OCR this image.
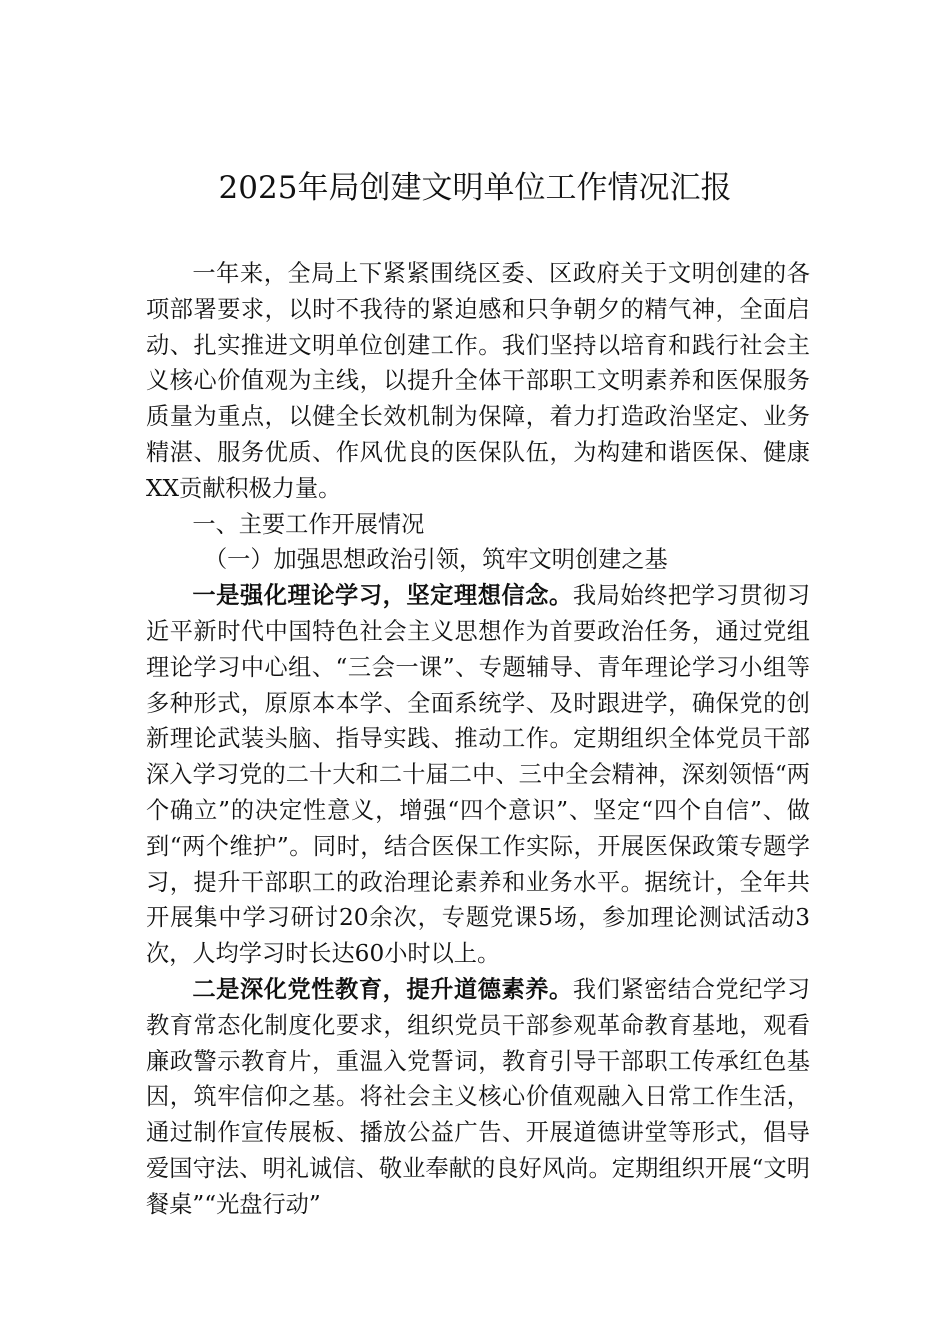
2025年局创建文明单位工作情况汇报

一年来，全局上下紧紧围绕区委、区政府关于文明创建的各项部署要求，以时不我待的紧迫感和只争朝夕的精气神，全面启动、扎实推进文明单位创建工作。我们坚持以培育和践行社会主义核心价值观为主线，以提升全体干部职工文明素养和医保服务质量为重点，以健全长效机制为保障，着力打造政治坚定、业务精湛、服务优质、作风优良的医保队伍，为构建和谐医保、健康XX贡献积极力量。

一、主要工作开展情况

（一）加强思想政治引领，筑牢文明创建之基

一是强化理论学习，坚定理想信念。我局始终把学习贯彻习近平新时代中国特色社会主义思想作为首要政治任务，通过党组理论学习中心组、“三会一课”、专题辅导、青年理论学习小组等多种形式，原原本本学、全面系统学、及时跟进学，确保党的创新理论武装头脑、指导实践、推动工作。定期组织全体党员干部深入学习党的二十大和二十届二中、三中全会精神，深刻领悟“两个确立”的决定性意义，增强“四个意识”、坚定“四个自信”、做到“两个维护”。同时，结合医保工作实际，开展医保政策专题学习，提升干部职工的政治理论素养和业务水平。据统计，全年共开展集中学习研讨20余次，专题党课5场，参加理论测试活动3次，人均学习时长达60小时以上。

二是深化党性教育，提升道德素养。我们紧密结合党纪学习教育常态化制度化要求，组织党员干部参观革命教育基地，观看廉政警示教育片，重温入党誓词，教育引导干部职工传承红色基因，筑牢信仰之基。将社会主义核心价值观融入日常工作生活，通过制作宣传展板、播放公益广告、开展道德讲堂等形式，倡导爱国守法、明礼诚信、敬业奉献的良好风尚。定期组织开展“文明餐桌”“光盘行动”
